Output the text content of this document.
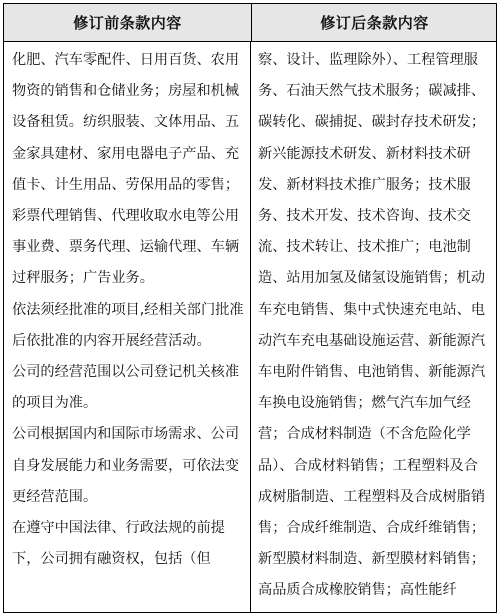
修订前条款内容	修订后条款内容

化肥、汽车零配件、日用百货、农用物资的销售和仓储业务；房屋和机械设备租赁。纺织服装、文体用品、五金家具建材、家用电器电子产品、充值卡、计生用品、劳保用品的零售；彩票代理销售、代理收取水电等公用事业费、票务代理、运输代理、车辆过秤服务；广告业务。

依法须经批准的项目,经相关部门批准后依批准的内容开展经营活动。

公司的经营范围以公司登记机关核准的项目为准。

公司根据国内和国际市场需求、公司自身发展能力和业务需要，可依法变更经营范围。

在遵守中国法律、行政法规的前提下，公司拥有融资权，包括（但

察、设计、监理除外）、工程管理服务、石油天然气技术服务；碳减排、碳转化、碳捕捉、碳封存技术研发；新兴能源技术研发、新材料技术研发、新材料技术推广服务；技术服务、技术开发、技术咨询、技术交流、技术转让、技术推广；电池制造、站用加氢及储氢设施销售；机动车充电销售、集中式快速充电站、电动汽车充电基础设施运营、新能源汽车电附件销售、电池销售、新能源汽车换电设施销售；燃气汽车加气经营；合成材料制造（不含危险化学品）、合成材料销售；工程塑料及合成树脂制造、工程塑料及合成树脂销售；合成纤维制造、合成纤维销售；新型膜材料制造、新型膜材料销售；高品质合成橡胶销售；高性能纤
